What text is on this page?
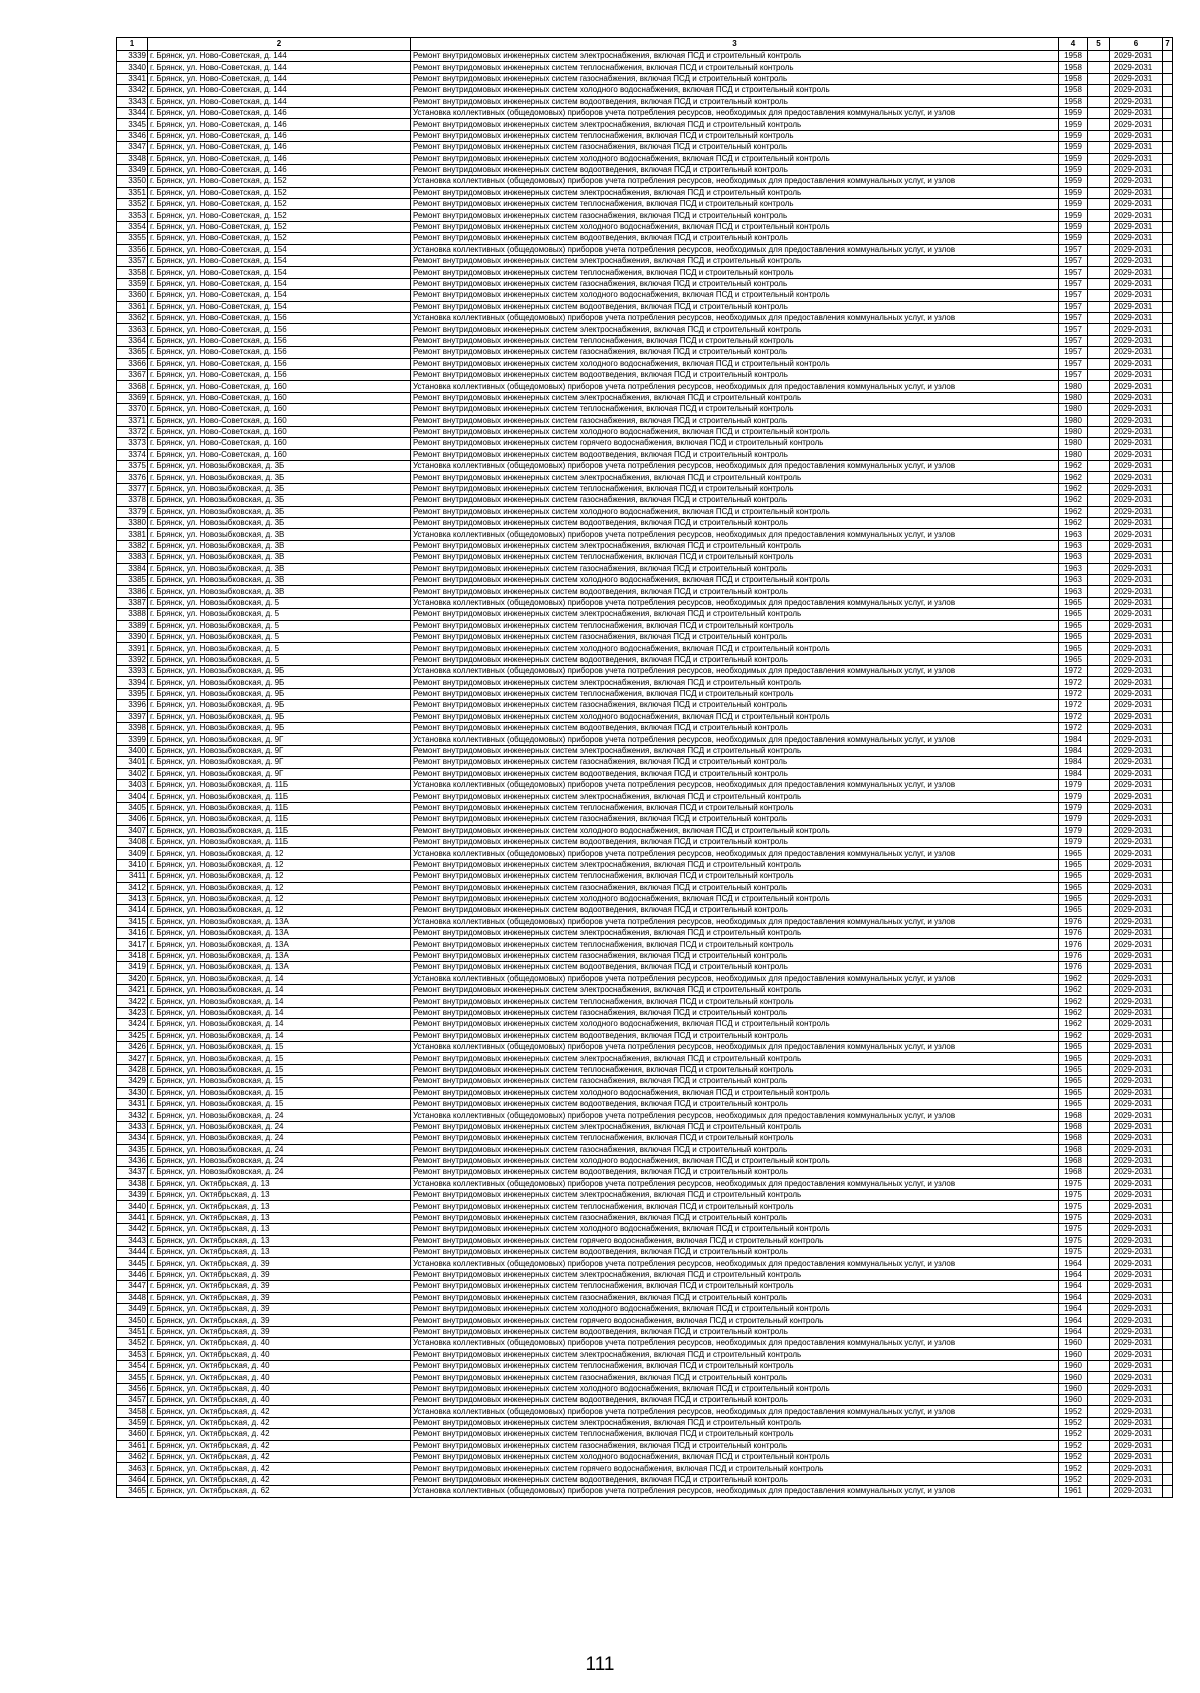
1	2	3	4	5	6	7
3339	г. Брянск, ул. Ново-Советская, д. 144	Ремонт внутридомовых инженерных систем электроснабжения, включая ПСД и строительный контроль	1958		2029-2031	
3340	г. Брянск, ул. Ново-Советская, д. 144	Ремонт внутридомовых инженерных систем теплоснабжения, включая ПСД и строительный контроль	1958		2029-2031	
3341	г. Брянск, ул. Ново-Советская, д. 144	Ремонт внутридомовых инженерных систем газоснабжения, включая ПСД и строительный контроль	1958		2029-2031	
3342	г. Брянск, ул. Ново-Советская, д. 144	Ремонт внутридомовых инженерных систем холодного водоснабжения, включая ПСД и строительный контроль	1958		2029-2031	
3343	г. Брянск, ул. Ново-Советская, д. 144	Ремонт внутридомовых инженерных систем водоотведения, включая ПСД и строительный контроль	1958		2029-2031	
3344	г. Брянск, ул. Ново-Советская, д. 146	Установка коллективных (общедомовых) приборов учета потребления ресурсов, необходимых для предоставления коммунальных услуг, и узлов	1959		2029-2031	
3345	г. Брянск, ул. Ново-Советская, д. 146	Ремонт внутридомовых инженерных систем электроснабжения, включая ПСД и строительный контроль	1959		2029-2031	
3346	г. Брянск, ул. Ново-Советская, д. 146	Ремонт внутридомовых инженерных систем теплоснабжения, включая ПСД и строительный контроль	1959		2029-2031	
3347	г. Брянск, ул. Ново-Советская, д. 146	Ремонт внутридомовых инженерных систем газоснабжения, включая ПСД и строительный контроль	1959		2029-2031	
3348	г. Брянск, ул. Ново-Советская, д. 146	Ремонт внутридомовых инженерных систем холодного водоснабжения, включая ПСД и строительный контроль	1959		2029-2031	
3349	г. Брянск, ул. Ново-Советская, д. 146	Ремонт внутридомовых инженерных систем водоотведения, включая ПСД и строительный контроль	1959		2029-2031	
3350	г. Брянск, ул. Ново-Советская, д. 152	Установка коллективных (общедомовых) приборов учета потребления ресурсов, необходимых для предоставления коммунальных услуг, и узлов	1959		2029-2031	
3351	г. Брянск, ул. Ново-Советская, д. 152	Ремонт внутридомовых инженерных систем электроснабжения, включая ПСД и строительный контроль	1959		2029-2031	
3352	г. Брянск, ул. Ново-Советская, д. 152	Ремонт внутридомовых инженерных систем теплоснабжения, включая ПСД и строительный контроль	1959		2029-2031	
3353	г. Брянск, ул. Ново-Советская, д. 152	Ремонт внутридомовых инженерных систем газоснабжения, включая ПСД и строительный контроль	1959		2029-2031	
3354	г. Брянск, ул. Ново-Советская, д. 152	Ремонт внутридомовых инженерных систем холодного водоснабжения, включая ПСД и строительный контроль	1959		2029-2031	
3355	г. Брянск, ул. Ново-Советская, д. 152	Ремонт внутридомовых инженерных систем водоотведения, включая ПСД и строительный контроль	1959		2029-2031	
3356	г. Брянск, ул. Ново-Советская, д. 154	Установка коллективных (общедомовых) приборов учета потребления ресурсов, необходимых для предоставления коммунальных услуг, и узлов	1957		2029-2031	
3357	г. Брянск, ул. Ново-Советская, д. 154	Ремонт внутридомовых инженерных систем электроснабжения, включая ПСД и строительный контроль	1957		2029-2031	
3358	г. Брянск, ул. Ново-Советская, д. 154	Ремонт внутридомовых инженерных систем теплоснабжения, включая ПСД и строительный контроль	1957		2029-2031	
3359	г. Брянск, ул. Ново-Советская, д. 154	Ремонт внутридомовых инженерных систем газоснабжения, включая ПСД и строительный контроль	1957		2029-2031	
3360	г. Брянск, ул. Ново-Советская, д. 154	Ремонт внутридомовых инженерных систем холодного водоснабжения, включая ПСД и строительный контроль	1957		2029-2031	
3361	г. Брянск, ул. Ново-Советская, д. 154	Ремонт внутридомовых инженерных систем водоотведения, включая ПСД и строительный контроль	1957		2029-2031	
3362	г. Брянск, ул. Ново-Советская, д. 156	Установка коллективных (общедомовых) приборов учета потребления ресурсов, необходимых для предоставления коммунальных услуг, и узлов	1957		2029-2031	
3363	г. Брянск, ул. Ново-Советская, д. 156	Ремонт внутридомовых инженерных систем электроснабжения, включая ПСД и строительный контроль	1957		2029-2031	
3364	г. Брянск, ул. Ново-Советская, д. 156	Ремонт внутридомовых инженерных систем теплоснабжения, включая ПСД и строительный контроль	1957		2029-2031	
3365	г. Брянск, ул. Ново-Советская, д. 156	Ремонт внутридомовых инженерных систем газоснабжения, включая ПСД и строительный контроль	1957		2029-2031	
3366	г. Брянск, ул. Ново-Советская, д. 156	Ремонт внутридомовых инженерных систем холодного водоснабжения, включая ПСД и строительный контроль	1957		2029-2031	
3367	г. Брянск, ул. Ново-Советская, д. 156	Ремонт внутридомовых инженерных систем водоотведения, включая ПСД и строительный контроль	1957		2029-2031	
3368	г. Брянск, ул. Ново-Советская, д. 160	Установка коллективных (общедомовых) приборов учета потребления ресурсов, необходимых для предоставления коммунальных услуг, и узлов	1980		2029-2031	
3369	г. Брянск, ул. Ново-Советская, д. 160	Ремонт внутридомовых инженерных систем электроснабжения, включая ПСД и строительный контроль	1980		2029-2031	
3370	г. Брянск, ул. Ново-Советская, д. 160	Ремонт внутридомовых инженерных систем теплоснабжения, включая ПСД и строительный контроль	1980		2029-2031	
3371	г. Брянск, ул. Ново-Советская, д. 160	Ремонт внутридомовых инженерных систем газоснабжения, включая ПСД и строительный контроль	1980		2029-2031	
3372	г. Брянск, ул. Ново-Советская, д. 160	Ремонт внутридомовых инженерных систем холодного водоснабжения, включая ПСД и строительный контроль	1980		2029-2031	
3373	г. Брянск, ул. Ново-Советская, д. 160	Ремонт внутридомовых инженерных систем горячего водоснабжения, включая ПСД и строительный контроль	1980		2029-2031	
3374	г. Брянск, ул. Ново-Советская, д. 160	Ремонт внутридомовых инженерных систем водоотведения, включая ПСД и строительный контроль	1980		2029-2031	
3375	г. Брянск, ул. Новозыбковская, д. 3Б	Установка коллективных (общедомовых) приборов учета потребления ресурсов, необходимых для предоставления коммунальных услуг, и узлов	1962		2029-2031	
3376	г. Брянск, ул. Новозыбковская, д. 3Б	Ремонт внутридомовых инженерных систем электроснабжения, включая ПСД и строительный контроль	1962		2029-2031	
3377	г. Брянск, ул. Новозыбковская, д. 3Б	Ремонт внутридомовых инженерных систем теплоснабжения, включая ПСД и строительный контроль	1962		2029-2031	
3378	г. Брянск, ул. Новозыбковская, д. 3Б	Ремонт внутридомовых инженерных систем газоснабжения, включая ПСД и строительный контроль	1962		2029-2031	
3379	г. Брянск, ул. Новозыбковская, д. 3Б	Ремонт внутридомовых инженерных систем холодного водоснабжения, включая ПСД и строительный контроль	1962		2029-2031	
3380	г. Брянск, ул. Новозыбковская, д. 3Б	Ремонт внутридомовых инженерных систем водоотведения, включая ПСД и строительный контроль	1962		2029-2031	
3381	г. Брянск, ул. Новозыбковская, д. 3В	Установка коллективных (общедомовых) приборов учета потребления ресурсов, необходимых для предоставления коммунальных услуг, и узлов	1963		2029-2031	
3382	г. Брянск, ул. Новозыбковская, д. 3В	Ремонт внутридомовых инженерных систем электроснабжения, включая ПСД и строительный контроль	1963		2029-2031	
3383	г. Брянск, ул. Новозыбковская, д. 3В	Ремонт внутридомовых инженерных систем теплоснабжения, включая ПСД и строительный контроль	1963		2029-2031	
3384	г. Брянск, ул. Новозыбковская, д. 3В	Ремонт внутридомовых инженерных систем газоснабжения, включая ПСД и строительный контроль	1963		2029-2031	
3385	г. Брянск, ул. Новозыбковская, д. 3В	Ремонт внутридомовых инженерных систем холодного водоснабжения, включая ПСД и строительный контроль	1963		2029-2031	
3386	г. Брянск, ул. Новозыбковская, д. 3В	Ремонт внутридомовых инженерных систем водоотведения, включая ПСД и строительный контроль	1963		2029-2031	
3387	г. Брянск, ул. Новозыбковская, д. 5	Установка коллективных (общедомовых) приборов учета потребления ресурсов, необходимых для предоставления коммунальных услуг, и узлов	1965		2029-2031	
3388	г. Брянск, ул. Новозыбковская, д. 5	Ремонт внутридомовых инженерных систем электроснабжения, включая ПСД и строительный контроль	1965		2029-2031	
3389	г. Брянск, ул. Новозыбковская, д. 5	Ремонт внутридомовых инженерных систем теплоснабжения, включая ПСД и строительный контроль	1965		2029-2031	
3390	г. Брянск, ул. Новозыбковская, д. 5	Ремонт внутридомовых инженерных систем газоснабжения, включая ПСД и строительный контроль	1965		2029-2031	
3391	г. Брянск, ул. Новозыбковская, д. 5	Ремонт внутридомовых инженерных систем холодного водоснабжения, включая ПСД и строительный контроль	1965		2029-2031	
3392	г. Брянск, ул. Новозыбковская, д. 5	Ремонт внутридомовых инженерных систем водоотведения, включая ПСД и строительный контроль	1965		2029-2031	
3393	г. Брянск, ул. Новозыбковская, д. 9Б	Установка коллективных (общедомовых) приборов учета потребления ресурсов, необходимых для предоставления коммунальных услуг, и узлов	1972		2029-2031	
3394	г. Брянск, ул. Новозыбковская, д. 9Б	Ремонт внутридомовых инженерных систем электроснабжения, включая ПСД и строительный контроль	1972		2029-2031	
3395	г. Брянск, ул. Новозыбковская, д. 9Б	Ремонт внутридомовых инженерных систем теплоснабжения, включая ПСД и строительный контроль	1972		2029-2031	
3396	г. Брянск, ул. Новозыбковская, д. 9Б	Ремонт внутридомовых инженерных систем газоснабжения, включая ПСД и строительный контроль	1972		2029-2031	
3397	г. Брянск, ул. Новозыбковская, д. 9Б	Ремонт внутридомовых инженерных систем холодного водоснабжения, включая ПСД и строительный контроль	1972		2029-2031	
3398	г. Брянск, ул. Новозыбковская, д. 9Б	Ремонт внутридомовых инженерных систем водоотведения, включая ПСД и строительный контроль	1972		2029-2031	
3399	г. Брянск, ул. Новозыбковская, д. 9Г	Установка коллективных (общедомовых) приборов учета потребления ресурсов, необходимых для предоставления коммунальных услуг, и узлов	1984		2029-2031	
3400	г. Брянск, ул. Новозыбковская, д. 9Г	Ремонт внутридомовых инженерных систем электроснабжения, включая ПСД и строительный контроль	1984		2029-2031	
3401	г. Брянск, ул. Новозыбковская, д. 9Г	Ремонт внутридомовых инженерных систем газоснабжения, включая ПСД и строительный контроль	1984		2029-2031	
3402	г. Брянск, ул. Новозыбковская, д. 9Г	Ремонт внутридомовых инженерных систем водоотведения, включая ПСД и строительный контроль	1984		2029-2031	
3403	г. Брянск, ул. Новозыбковская, д. 11Б	Установка коллективных (общедомовых) приборов учета потребления ресурсов, необходимых для предоставления коммунальных услуг, и узлов	1979		2029-2031	
3404	г. Брянск, ул. Новозыбковская, д. 11Б	Ремонт внутридомовых инженерных систем электроснабжения, включая ПСД и строительный контроль	1979		2029-2031	
3405	г. Брянск, ул. Новозыбковская, д. 11Б	Ремонт внутридомовых инженерных систем теплоснабжения, включая ПСД и строительный контроль	1979		2029-2031	
3406	г. Брянск, ул. Новозыбковская, д. 11Б	Ремонт внутридомовых инженерных систем газоснабжения, включая ПСД и строительный контроль	1979		2029-2031	
3407	г. Брянск, ул. Новозыбковская, д. 11Б	Ремонт внутридомовых инженерных систем холодного водоснабжения, включая ПСД и строительный контроль	1979		2029-2031	
3408	г. Брянск, ул. Новозыбковская, д. 11Б	Ремонт внутридомовых инженерных систем водоотведения, включая ПСД и строительный контроль	1979		2029-2031	
3409	г. Брянск, ул. Новозыбковская, д. 12	Установка коллективных (общедомовых) приборов учета потребления ресурсов, необходимых для предоставления коммунальных услуг, и узлов	1965		2029-2031	
3410	г. Брянск, ул. Новозыбковская, д. 12	Ремонт внутридомовых инженерных систем электроснабжения, включая ПСД и строительный контроль	1965		2029-2031	
3411	г. Брянск, ул. Новозыбковская, д. 12	Ремонт внутридомовых инженерных систем теплоснабжения, включая ПСД и строительный контроль	1965		2029-2031	
3412	г. Брянск, ул. Новозыбковская, д. 12	Ремонт внутридомовых инженерных систем газоснабжения, включая ПСД и строительный контроль	1965		2029-2031	
3413	г. Брянск, ул. Новозыбковская, д. 12	Ремонт внутридомовых инженерных систем холодного водоснабжения, включая ПСД и строительный контроль	1965		2029-2031	
3414	г. Брянск, ул. Новозыбковская, д. 12	Ремонт внутридомовых инженерных систем водоотведения, включая ПСД и строительный контроль	1965		2029-2031	
3415	г. Брянск, ул. Новозыбковская, д. 13А	Установка коллективных (общедомовых) приборов учета потребления ресурсов, необходимых для предоставления коммунальных услуг, и узлов	1976		2029-2031	
3416	г. Брянск, ул. Новозыбковская, д. 13А	Ремонт внутридомовых инженерных систем электроснабжения, включая ПСД и строительный контроль	1976		2029-2031	
3417	г. Брянск, ул. Новозыбковская, д. 13А	Ремонт внутридомовых инженерных систем теплоснабжения, включая ПСД и строительный контроль	1976		2029-2031	
3418	г. Брянск, ул. Новозыбковская, д. 13А	Ремонт внутридомовых инженерных систем газоснабжения, включая ПСД и строительный контроль	1976		2029-2031	
3419	г. Брянск, ул. Новозыбковская, д. 13А	Ремонт внутридомовых инженерных систем водоотведения, включая ПСД и строительный контроль	1976		2029-2031	
3420	г. Брянск, ул. Новозыбковская, д. 14	Установка коллективных (общедомовых) приборов учета потребления ресурсов, необходимых для предоставления коммунальных услуг, и узлов	1962		2029-2031	
3421	г. Брянск, ул. Новозыбковская, д. 14	Ремонт внутридомовых инженерных систем электроснабжения, включая ПСД и строительный контроль	1962		2029-2031	
3422	г. Брянск, ул. Новозыбковская, д. 14	Ремонт внутридомовых инженерных систем теплоснабжения, включая ПСД и строительный контроль	1962		2029-2031	
3423	г. Брянск, ул. Новозыбковская, д. 14	Ремонт внутридомовых инженерных систем газоснабжения, включая ПСД и строительный контроль	1962		2029-2031	
3424	г. Брянск, ул. Новозыбковская, д. 14	Ремонт внутридомовых инженерных систем холодного водоснабжения, включая ПСД и строительный контроль	1962		2029-2031	
3425	г. Брянск, ул. Новозыбковская, д. 14	Ремонт внутридомовых инженерных систем водоотведения, включая ПСД и строительный контроль	1962		2029-2031	
3426	г. Брянск, ул. Новозыбковская, д. 15	Установка коллективных (общедомовых) приборов учета потребления ресурсов, необходимых для предоставления коммунальных услуг, и узлов	1965		2029-2031	
3427	г. Брянск, ул. Новозыбковская, д. 15	Ремонт внутридомовых инженерных систем электроснабжения, включая ПСД и строительный контроль	1965		2029-2031	
3428	г. Брянск, ул. Новозыбковская, д. 15	Ремонт внутридомовых инженерных систем теплоснабжения, включая ПСД и строительный контроль	1965		2029-2031	
3429	г. Брянск, ул. Новозыбковская, д. 15	Ремонт внутридомовых инженерных систем газоснабжения, включая ПСД и строительный контроль	1965		2029-2031	
3430	г. Брянск, ул. Новозыбковская, д. 15	Ремонт внутридомовых инженерных систем холодного водоснабжения, включая ПСД и строительный контроль	1965		2029-2031	
3431	г. Брянск, ул. Новозыбковская, д. 15	Ремонт внутридомовых инженерных систем водоотведения, включая ПСД и строительный контроль	1965		2029-2031	
3432	г. Брянск, ул. Новозыбковская, д. 24	Установка коллективных (общедомовых) приборов учета потребления ресурсов, необходимых для предоставления коммунальных услуг, и узлов	1968		2029-2031	
3433	г. Брянск, ул. Новозыбковская, д. 24	Ремонт внутридомовых инженерных систем электроснабжения, включая ПСД и строительный контроль	1968		2029-2031	
3434	г. Брянск, ул. Новозыбковская, д. 24	Ремонт внутридомовых инженерных систем теплоснабжения, включая ПСД и строительный контроль	1968		2029-2031	
3435	г. Брянск, ул. Новозыбковская, д. 24	Ремонт внутридомовых инженерных систем газоснабжения, включая ПСД и строительный контроль	1968		2029-2031	
3436	г. Брянск, ул. Новозыбковская, д. 24	Ремонт внутридомовых инженерных систем холодного водоснабжения, включая ПСД и строительный контроль	1968		2029-2031	
3437	г. Брянск, ул. Новозыбковская, д. 24	Ремонт внутридомовых инженерных систем водоотведения, включая ПСД и строительный контроль	1968		2029-2031	
3438	г. Брянск, ул. Октябрьская, д. 13	Установка коллективных (общедомовых) приборов учета потребления ресурсов, необходимых для предоставления коммунальных услуг, и узлов	1975		2029-2031	
3439	г. Брянск, ул. Октябрьская, д. 13	Ремонт внутридомовых инженерных систем электроснабжения, включая ПСД и строительный контроль	1975		2029-2031	
3440	г. Брянск, ул. Октябрьская, д. 13	Ремонт внутридомовых инженерных систем теплоснабжения, включая ПСД и строительный контроль	1975		2029-2031	
3441	г. Брянск, ул. Октябрьская, д. 13	Ремонт внутридомовых инженерных систем газоснабжения, включая ПСД и строительный контроль	1975		2029-2031	
3442	г. Брянск, ул. Октябрьская, д. 13	Ремонт внутридомовых инженерных систем холодного водоснабжения, включая ПСД и строительный контроль	1975		2029-2031	
3443	г. Брянск, ул. Октябрьская, д. 13	Ремонт внутридомовых инженерных систем горячего водоснабжения, включая ПСД и строительный контроль	1975		2029-2031	
3444	г. Брянск, ул. Октябрьская, д. 13	Ремонт внутридомовых инженерных систем водоотведения, включая ПСД и строительный контроль	1975		2029-2031	
3445	г. Брянск, ул. Октябрьская, д. 39	Установка коллективных (общедомовых) приборов учета потребления ресурсов, необходимых для предоставления коммунальных услуг, и узлов	1964		2029-2031	
3446	г. Брянск, ул. Октябрьская, д. 39	Ремонт внутридомовых инженерных систем электроснабжения, включая ПСД и строительный контроль	1964		2029-2031	
3447	г. Брянск, ул. Октябрьская, д. 39	Ремонт внутридомовых инженерных систем теплоснабжения, включая ПСД и строительный контроль	1964		2029-2031	
3448	г. Брянск, ул. Октябрьская, д. 39	Ремонт внутридомовых инженерных систем газоснабжения, включая ПСД и строительный контроль	1964		2029-2031	
3449	г. Брянск, ул. Октябрьская, д. 39	Ремонт внутридомовых инженерных систем холодного водоснабжения, включая ПСД и строительный контроль	1964		2029-2031	
3450	г. Брянск, ул. Октябрьская, д. 39	Ремонт внутридомовых инженерных систем горячего водоснабжения, включая ПСД и строительный контроль	1964		2029-2031	
3451	г. Брянск, ул. Октябрьская, д. 39	Ремонт внутридомовых инженерных систем водоотведения, включая ПСД и строительный контроль	1964		2029-2031	
3452	г. Брянск, ул. Октябрьская, д. 40	Установка коллективных (общедомовых) приборов учета потребления ресурсов, необходимых для предоставления коммунальных услуг, и узлов	1960		2029-2031	
3453	г. Брянск, ул. Октябрьская, д. 40	Ремонт внутридомовых инженерных систем электроснабжения, включая ПСД и строительный контроль	1960		2029-2031	
3454	г. Брянск, ул. Октябрьская, д. 40	Ремонт внутридомовых инженерных систем теплоснабжения, включая ПСД и строительный контроль	1960		2029-2031	
3455	г. Брянск, ул. Октябрьская, д. 40	Ремонт внутридомовых инженерных систем газоснабжения, включая ПСД и строительный контроль	1960		2029-2031	
3456	г. Брянск, ул. Октябрьская, д. 40	Ремонт внутридомовых инженерных систем холодного водоснабжения, включая ПСД и строительный контроль	1960		2029-2031	
3457	г. Брянск, ул. Октябрьская, д. 40	Ремонт внутридомовых инженерных систем водоотведения, включая ПСД и строительный контроль	1960		2029-2031	
3458	г. Брянск, ул. Октябрьская, д. 42	Установка коллективных (общедомовых) приборов учета потребления ресурсов, необходимых для предоставления коммунальных услуг, и узлов	1952		2029-2031	
3459	г. Брянск, ул. Октябрьская, д. 42	Ремонт внутридомовых инженерных систем электроснабжения, включая ПСД и строительный контроль	1952		2029-2031	
3460	г. Брянск, ул. Октябрьская, д. 42	Ремонт внутридомовых инженерных систем теплоснабжения, включая ПСД и строительный контроль	1952		2029-2031	
3461	г. Брянск, ул. Октябрьская, д. 42	Ремонт внутридомовых инженерных систем газоснабжения, включая ПСД и строительный контроль	1952		2029-2031	
3462	г. Брянск, ул. Октябрьская, д. 42	Ремонт внутридомовых инженерных систем холодного водоснабжения, включая ПСД и строительный контроль	1952		2029-2031	
3463	г. Брянск, ул. Октябрьская, д. 42	Ремонт внутридомовых инженерных систем горячего водоснабжения, включая ПСД и строительный контроль	1952		2029-2031	
3464	г. Брянск, ул. Октябрьская, д. 42	Ремонт внутридомовых инженерных систем водоотведения, включая ПСД и строительный контроль	1952		2029-2031	
3465	г. Брянск, ул. Октябрьская, д. 62	Установка коллективных (общедомовых) приборов учета потребления ресурсов, необходимых для предоставления коммунальных услуг, и узлов	1961		2029-2031	
111
